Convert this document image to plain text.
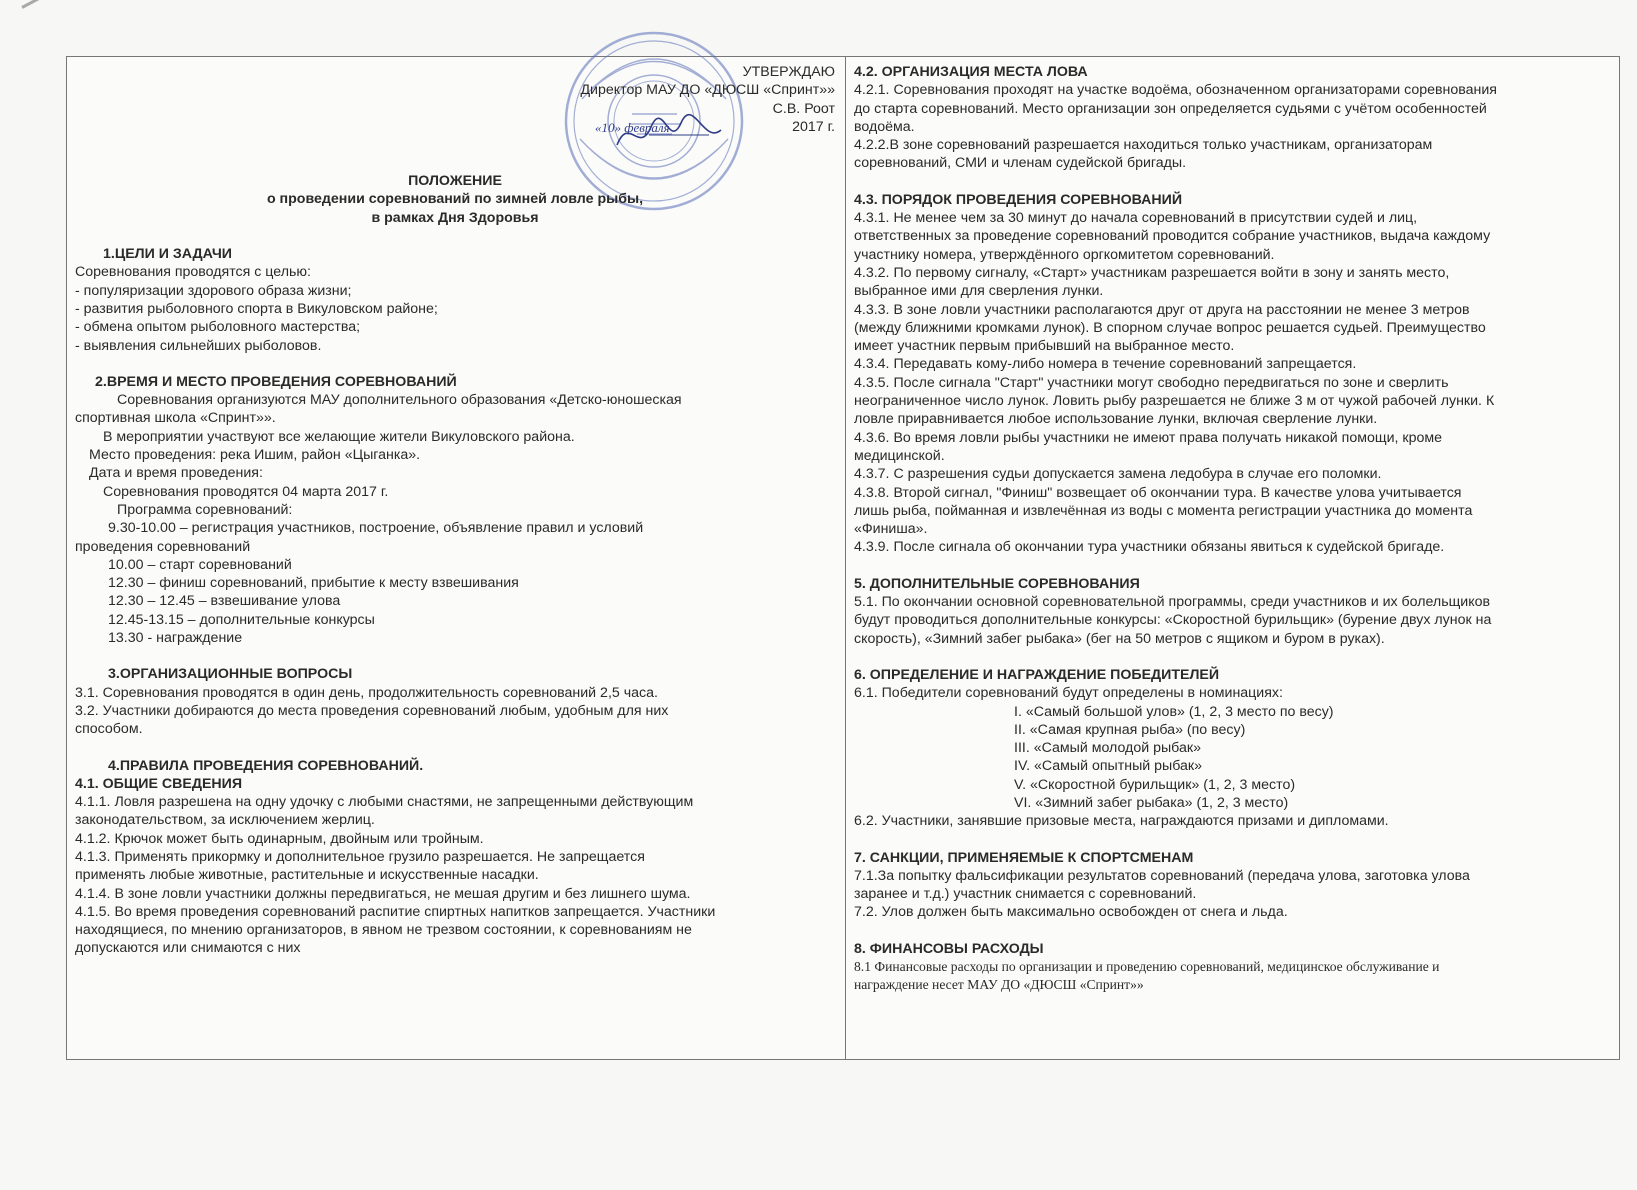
УТВЕРЖДАЮ
Директор МАУ ДО «ДЮСШ «Спринт»»
С.В. Роот
«10» февраля	2017 г.
ПОЛОЖЕНИЕ
о проведении соревнований по зимней ловле рыбы,
в рамках Дня Здоровья
1.ЦЕЛИ И ЗАДАЧИ
Соревнования проводятся с целью:
- популяризации здорового образа жизни;
- развития рыболовного спорта в Викуловском районе;
- обмена опытом рыболовного мастерства;
- выявления сильнейших рыболовов.
2.ВРЕМЯ И МЕСТО ПРОВЕДЕНИЯ СОРЕВНОВАНИЙ
Соревнования организуются МАУ дополнительного образования «Детско-юношеская
спортивная школа «Спринт»».
В мероприятии участвуют все желающие жители Викуловского района.
Место проведения: река Ишим, район «Цыганка».
Дата и время проведения:
Соревнования проводятся 04 марта 2017 г.
Программа соревнований:
9.30-10.00 – регистрация участников, построение, объявление правил и условий
проведения соревнований
10.00 – старт соревнований
12.30 – финиш соревнований, прибытие к месту взвешивания
12.30 – 12.45 – взвешивание улова
12.45-13.15 – дополнительные конкурсы
13.30 - награждение
3.ОРГАНИЗАЦИОННЫЕ ВОПРОСЫ
3.1. Соревнования проводятся в один день, продолжительность соревнований 2,5 часа.
3.2. Участники добираются до места проведения соревнований любым, удобным для них
способом.
4.ПРАВИЛА ПРОВЕДЕНИЯ СОРЕВНОВАНИЙ.
4.1. ОБЩИЕ СВЕДЕНИЯ
4.1.1. Ловля разрешена на одну удочку с любыми снастями, не запрещенными действующим
законодательством, за исключением жерлиц.
4.1.2. Крючок может быть одинарным, двойным или тройным.
4.1.3. Применять прикормку и дополнительное грузило разрешается. Не запрещается
применять любые животные, растительные и искусственные насадки.
4.1.4. В зоне ловли участники должны передвигаться, не мешая другим и без лишнего шума.
4.1.5. Во время проведения соревнований распитие спиртных напитков запрещается. Участники
находящиеся, по мнению организаторов, в явном не трезвом состоянии, к соревнованиям не
допускаются или снимаются с них
4.2. ОРГАНИЗАЦИЯ МЕСТА ЛОВА
4.2.1. Соревнования проходят на участке водоёма, обозначенном организаторами соревнования
до старта соревнований. Место организации зон определяется судьями с учётом особенностей
водоёма.
4.2.2.В зоне соревнований разрешается находиться только участникам, организаторам
соревнований, СМИ и членам судейской бригады.
4.3. ПОРЯДОК ПРОВЕДЕНИЯ СОРЕВНОВАНИЙ
4.3.1. Не менее чем за 30 минут до начала соревнований в присутствии судей и лиц,
ответственных за проведение соревнований проводится собрание участников, выдача каждому
участнику номера, утверждённого оргкомитетом соревнований.
4.3.2. По первому сигналу, «Старт» участникам разрешается войти в зону и занять место,
выбранное ими для сверления лунки.
4.3.3. В зоне ловли участники располагаются друг от друга на расстоянии не менее 3 метров
(между ближними кромками лунок). В спорном случае вопрос решается судьей. Преимущество
имеет участник первым прибывший на выбранное место.
4.3.4. Передавать кому-либо номера в течение соревнований запрещается.
4.3.5. После сигнала "Старт" участники могут свободно передвигаться по зоне и сверлить
неограниченное число лунок. Ловить рыбу разрешается не ближе 3 м от чужой рабочей лунки. К
ловле приравнивается любое использование лунки, включая сверление лунки.
4.3.6. Во время ловли рыбы участники не имеют права получать никакой помощи, кроме
медицинской.
4.3.7. С разрешения судьи допускается замена ледобура в случае его поломки.
4.3.8. Второй сигнал, "Финиш" возвещает об окончании тура. В качестве улова учитывается
лишь рыба, пойманная и извлечённая из воды с момента регистрации участника до момента
«Финиша».
4.3.9. После сигнала об окончании тура участники обязаны явиться к судейской бригаде.
5. ДОПОЛНИТЕЛЬНЫЕ СОРЕВНОВАНИЯ
5.1. По окончании основной соревновательной программы, среди участников и их болельщиков
будут проводиться дополнительные конкурсы: «Скоростной бурильщик» (бурение двух лунок на
скорость), «Зимний забег рыбака» (бег на 50 метров с ящиком и буром в руках).
6. ОПРЕДЕЛЕНИЕ И НАГРАЖДЕНИЕ ПОБЕДИТЕЛЕЙ
6.1. Победители соревнований будут определены в номинациях:
I. «Самый большой улов» (1, 2, 3 место по весу)
II. «Самая крупная рыба» (по весу)
III. «Самый молодой рыбак»
IV. «Самый опытный рыбак»
V. «Скоростной бурильщик» (1, 2, 3 место)
VI. «Зимний забег рыбака» (1, 2, 3 место)
6.2. Участники, занявшие призовые места, награждаются призами и дипломами.
7. САНКЦИИ, ПРИМЕНЯЕМЫЕ К СПОРТСМЕНАМ
7.1.За попытку фальсификации результатов соревнований (передача улова, заготовка улова
заранее и т.д.) участник снимается с соревнований.
7.2. Улов должен быть максимально освобожден от снега и льда.
8. ФИНАНСОВЫ РАСХОДЫ
8.1 Финансовые расходы по организации и проведению соревнований, медицинское обслуживание и
награждение несет МАУ ДО «ДЮСШ «Спринт»»
